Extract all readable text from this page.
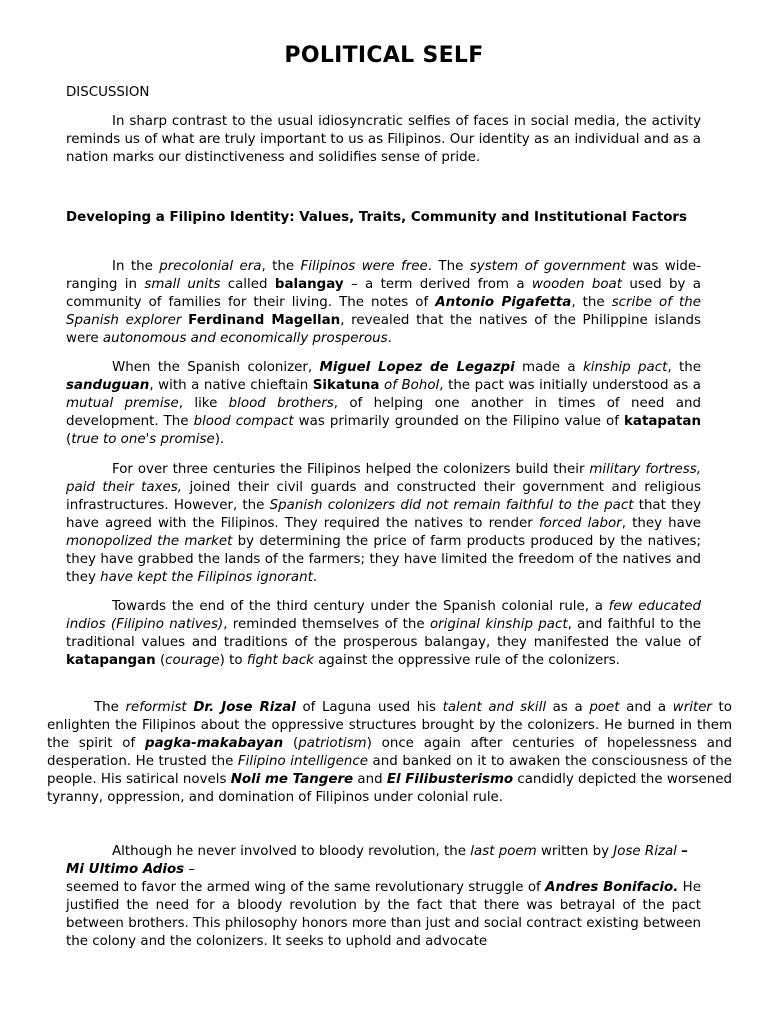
POLITICAL SELF
DISCUSSION

In sharp contrast to the usual idiosyncratic selfies of faces in social media, the activity reminds us of what are truly important to us as Filipinos. Our identity as an individual and as a nation marks our distinctiveness and solidifies sense of pride.

Developing a Filipino Identity: Values, Traits, Community and Institutional Factors

In the precolonial era, the Filipinos were free. The system of government was wide-ranging in small units called balangay – a term derived from a wooden boat used by a community of families for their living. The notes of Antonio Pigafetta, the scribe of the Spanish explorer Ferdinand Magellan, revealed that the natives of the Philippine islands were autonomous and economically prosperous.

When the Spanish colonizer, Miguel Lopez de Legazpi made a kinship pact, the sanduguan, with a native chieftain Sikatuna of Bohol, the pact was initially understood as a mutual premise, like blood brothers, of helping one another in times of need and development. The blood compact was primarily grounded on the Filipino value of katapatan (true to one's promise).

For over three centuries the Filipinos helped the colonizers build their military fortress, paid their taxes, joined their civil guards and constructed their government and religious infrastructures. However, the Spanish colonizers did not remain faithful to the pact that they have agreed with the Filipinos. They required the natives to render forced labor, they have monopolized the market by determining the price of farm products produced by the natives; they have grabbed the lands of the farmers; they have limited the freedom of the natives and they have kept the Filipinos ignorant.

Towards the end of the third century under the Spanish colonial rule, a few educated indios (Filipino natives), reminded themselves of the original kinship pact, and faithful to the traditional values and traditions of the prosperous balangay, they manifested the value of katapangan (courage) to fight back against the oppressive rule of the colonizers.

The reformist Dr. Jose Rizal of Laguna used his talent and skill as a poet and a writer to enlighten the Filipinos about the oppressive structures brought by the colonizers. He burned in them the spirit of pagka-makabayan (patriotism) once again after centuries of hopelessness and desperation. He trusted the Filipino intelligence and banked on it to awaken the consciousness of the people. His satirical novels Noli me Tangere and El Filibusterismo candidly depicted the worsened tyranny, oppression, and domination of Filipinos under colonial rule.

Although he never involved to bloody revolution, the last poem written by Jose Rizal –
Mi Ultimo Adios –
seemed to favor the armed wing of the same revolutionary struggle of Andres Bonifacio. He justified the need for a bloody revolution by the fact that there was betrayal of the pact between brothers. This philosophy honors more than just and social contract existing between the colony and the colonizers. It seeks to uphold and advocate
